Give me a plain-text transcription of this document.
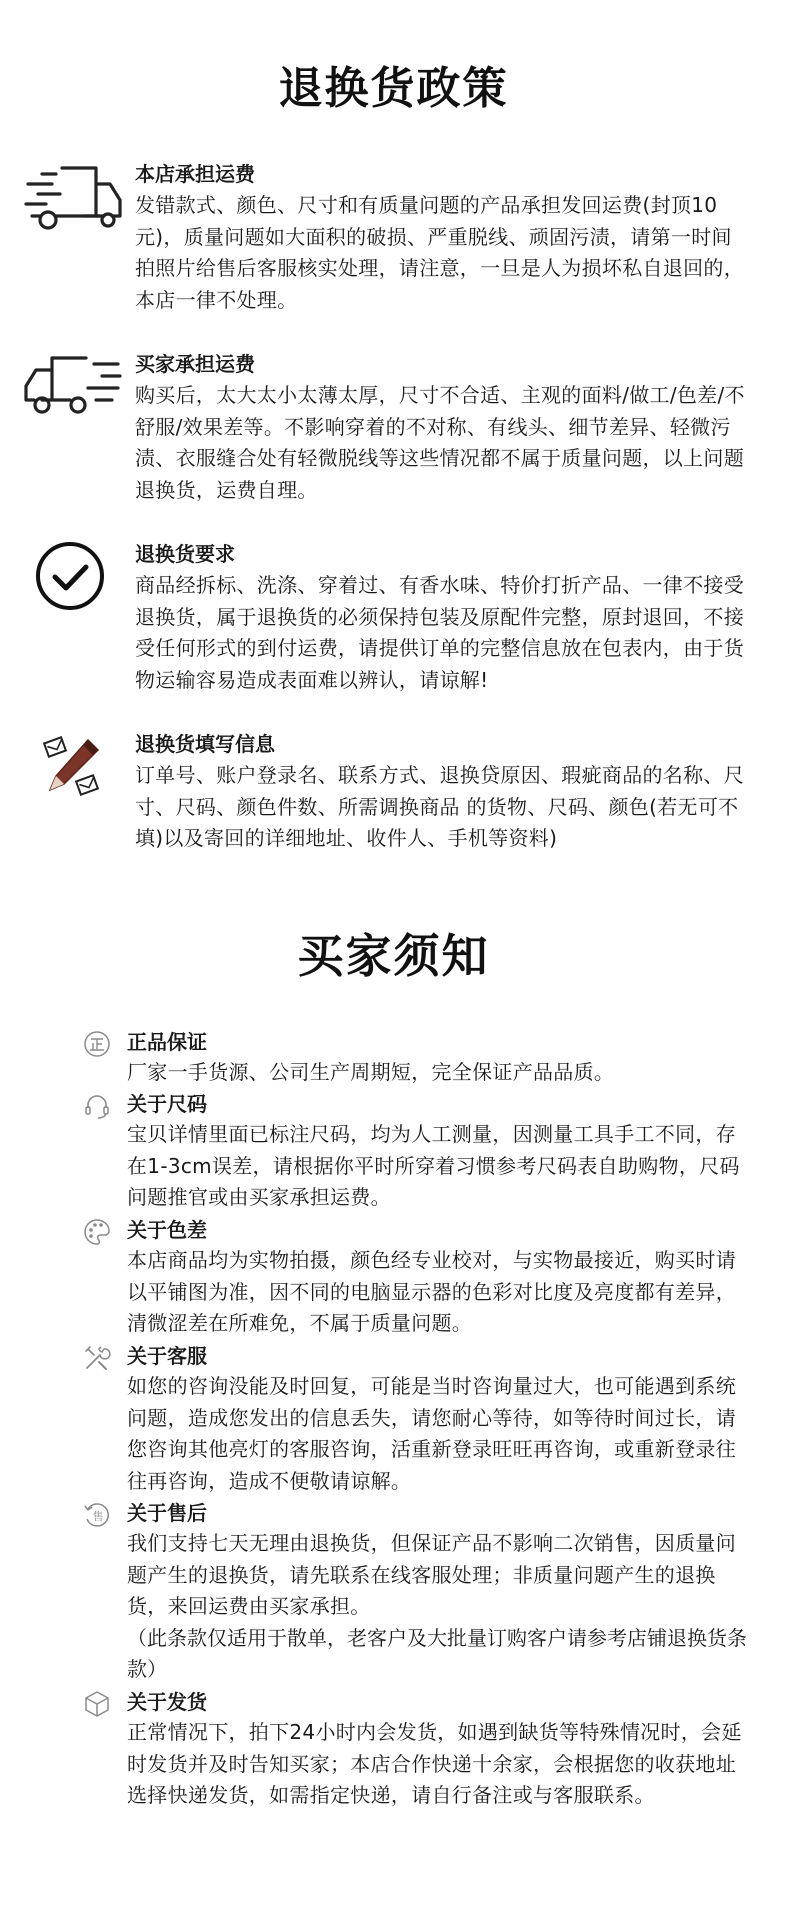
退换货政策

本店承担运费

发错款式、颜色、尺寸和有质量问题的产品承担发回运费(封顶10元)，质量问题如大面积的破损、严重脱线、顽固污渍，请第一时间拍照片给售后客服核实处理，请注意，一旦是人为损坏私自退回的，本店一律不处理。

买家承担运费

购买后，太大太小太薄太厚，尺寸不合适、主观的面料/做工/色差/不舒服/效果差等。不影响穿着的不对称、有线头、细节差异、轻微污渍、衣服缝合处有轻微脱线等这些情况都不属于质量问题，以上问题退换货，运费自理。

退换货要求

商品经拆标、洗涤、穿着过、有香水味、特价打折产品、一律不接受退换货，属于退换货的必须保持包装及原配件完整，原封退回，不接受任何形式的到付运费，请提供订单的完整信息放在包表内，由于货物运输容易造成表面难以辨认，请谅解!

退换货填写信息

订单号、账户登录名、联系方式、退换贷原因、瑕疵商品的名称、尺寸、尺码、颜色件数、所需调换商品 的货物、尺码、颜色(若无可不填)以及寄回的详细地址、收件人、手机等资料)

买家须知

正品保证

厂家一手货源、公司生产周期短，完全保证产品品质。

关于尺码

宝贝详情里面已标注尺码，均为人工测量，因测量工具手工不同，存在1-3cm误差，请根据你平时所穿着习惯参考尺码表自助购物，尺码问题推官或由买家承担运费。

关于色差

本店商品均为实物拍摄，颜色经专业校对，与实物最接近，购买时请以平铺图为准，因不同的电脑显示器的色彩对比度及亮度都有差异，清微涩差在所难免，不属于质量问题。

关于客服

如您的咨询没能及时回复，可能是当时咨询量过大，也可能遇到系统问题，造成您发出的信息丢失，请您耐心等待，如等待时间过长，请您咨询其他亮灯的客服咨询，活重新登录旺旺再咨询，或重新登录往往再咨询，造成不便敬请谅解。

售 关于售后

我们支持七天无理由退换货，但保证产品不影响二次销售，因质量问题产生的退换货，请先联系在线客服处理；非质量问题产生的退换货，来回运费由买家承担。

（此条款仅适用于散单，老客户及大批量订购客户请参考店铺退换货条款）

关于发货

正常情况下，拍下24小时内会发货，如遇到缺货等特殊情况时，会延时发货并及时告知买家；本店合作快递十余家，会根据您的收获地址选择快递发货，如需指定快递，请自行备注或与客服联系。
